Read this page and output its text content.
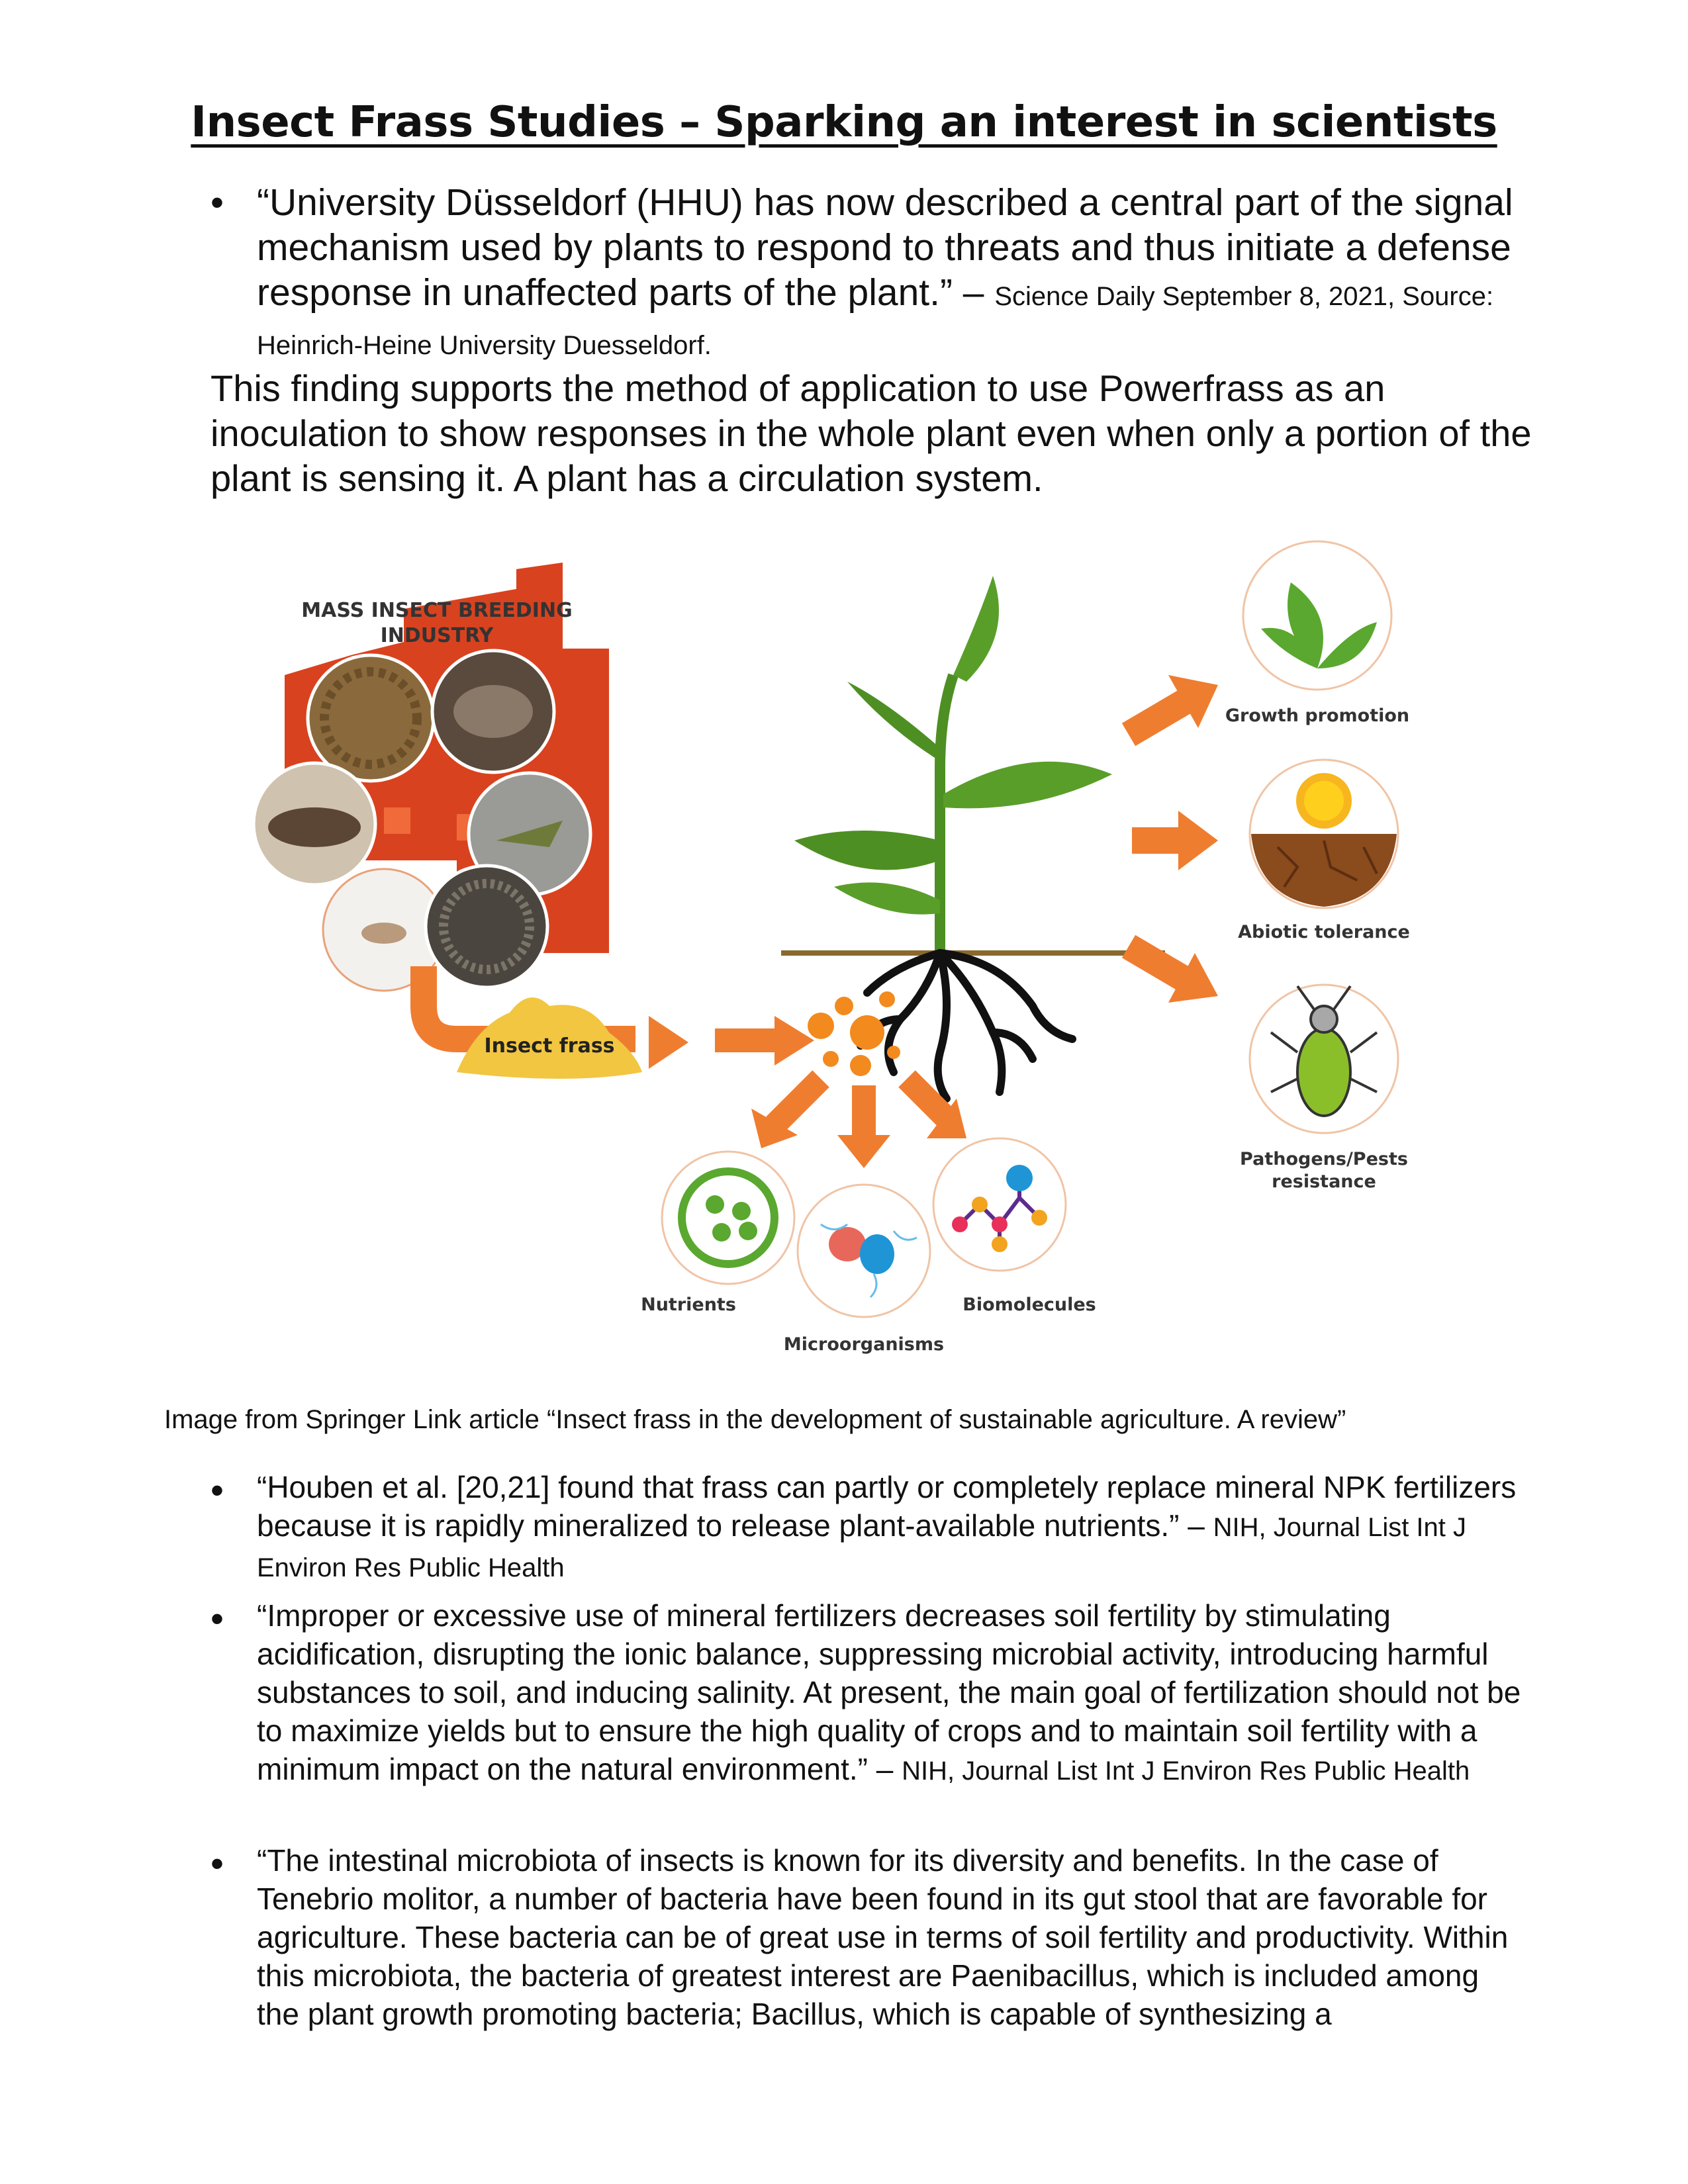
Insect Frass Studies – Sparking an interest in scientists
• “University Düsseldorf (HHU) has now described a central part of the signal mechanism used by plants to respond to threats and thus initiate a defense response in unaffected parts of the plant.” – Science Daily September 8, 2021, Source: Heinrich-Heine University Duesseldorf.
This finding supports the method of application to use Powerfrass as an inoculation to show responses in the whole plant even when only a portion of the plant is sensing it. A plant has a circulation system.
MASS INSECT BREEDING
INDUSTRY
Insect frass
Nutrients
Microorganisms
Biomolecules
Growth promotion
Abiotic tolerance
Pathogens/Pests
resistance
Image from Springer Link article “Insect frass in the development of sustainable agriculture. A review”
• “Houben et al. [20,21] found that frass can partly or completely replace mineral NPK fertilizers because it is rapidly mineralized to release plant-available nutrients.” – NIH, Journal List Int J Environ Res Public Health
• “Improper or excessive use of mineral fertilizers decreases soil fertility by stimulating acidification, disrupting the ionic balance, suppressing microbial activity, introducing harmful substances to soil, and inducing salinity. At present, the main goal of fertilization should not be to maximize yields but to ensure the high quality of crops and to maintain soil fertility with a minimum impact on the natural environment.” – NIH, Journal List Int J Environ Res Public Health
• “The intestinal microbiota of insects is known for its diversity and benefits. In the case of Tenebrio molitor, a number of bacteria have been found in its gut stool that are favorable for agriculture. These bacteria can be of great use in terms of soil fertility and productivity. Within this microbiota, the bacteria of greatest interest are Paenibacillus, which is included among the plant growth promoting bacteria; Bacillus, which is capable of synthesizing a
